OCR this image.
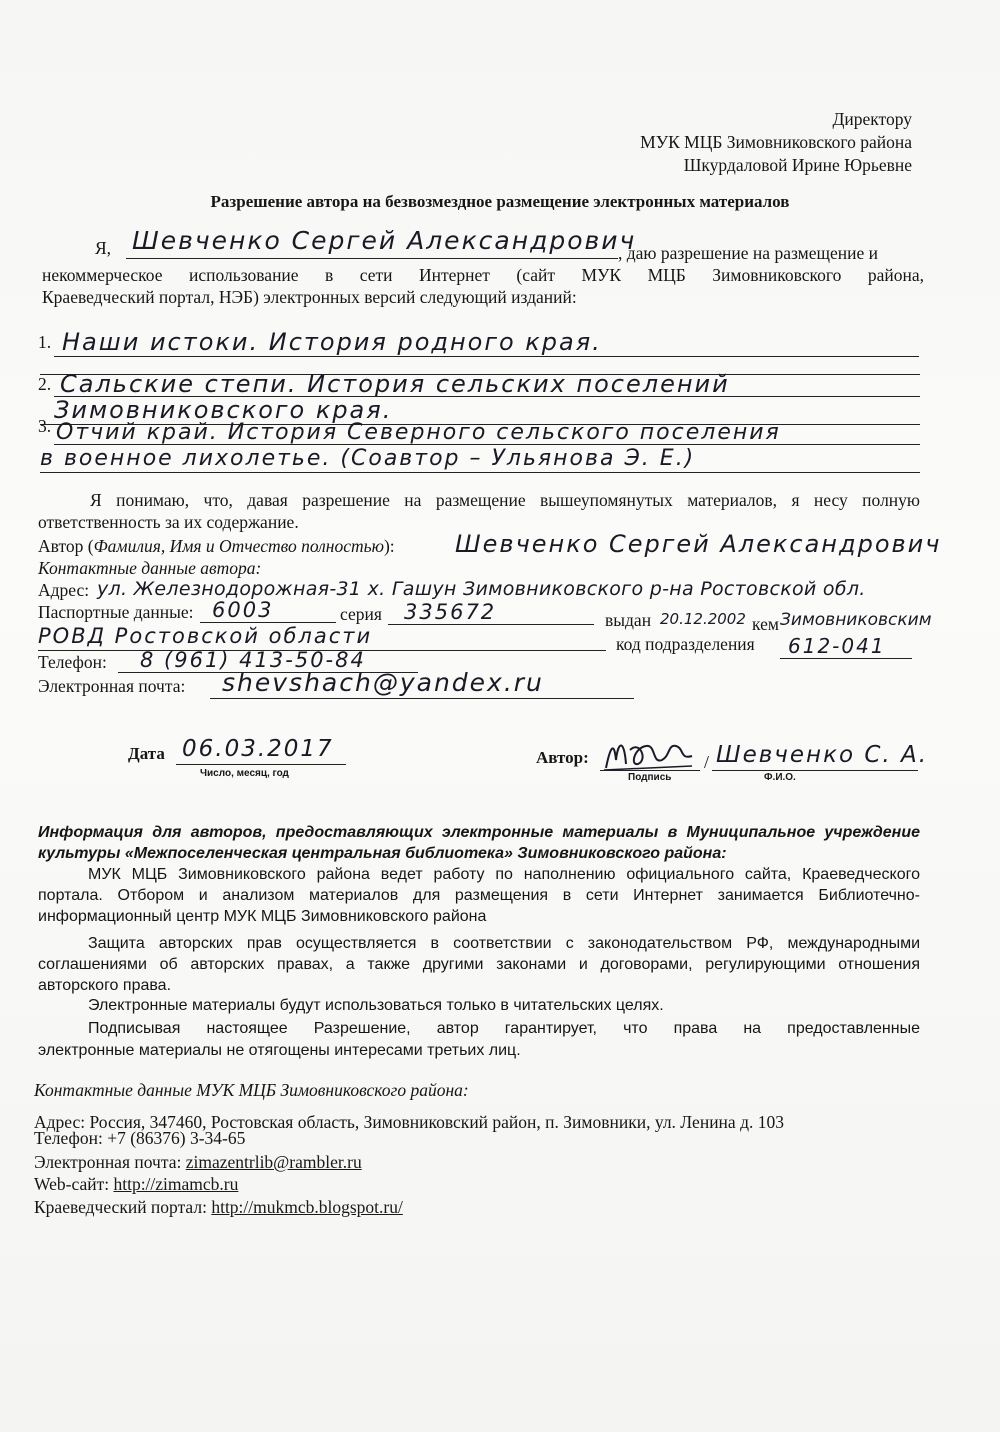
Директору
МУК МЦБ Зимовниковского района
Шкурдаловой Ирине Юрьевне
Разрешение автора на безвозмездное размещение электронных материалов
Я, Шевченко Сергей Александрович
, даю разрешение на размещение и
некоммерческое использование в сети Интернет (сайт МУК МЦБ Зимовниковского района,
Краеведческий портал, НЭБ) электронных версий следующий изданий:
1. Наши истоки. История родного края.
2. Сальские степи. История сельских поселений
Зимовниковского края.
3. Отчий край. История Северного сельского поселения
в военное лихолетье. (Соавтор – Ульянова Э. Е.)
Я понимаю, что, давая разрешение на размещение вышеупомянутых материалов, я несу полную
ответственность за их содержание.
Автор (Фамилия, Имя и Отчество полностью):	Шевченко Сергей Александрович
Контактные данные автора:
Адрес: ул. Железнодорожная-31 х. Гашун Зимовниковского р-на Ростовской обл.
Паспортные данные: 6003	серия 335672	выдан 20.12.2002 кем Зимовниковским
РОВД Ростовской области	код подразделения 612-041
Телефон: 8 (961) 413-50-84
Электронная почта: shevshach@yandex.ru
Дата 06.03.2017
Число, месяц, год
Автор:
Подпись
/ Шевченко С. А.
Ф.И.О.
Информация для авторов, предоставляющих электронные материалы в Муниципальное учреждение
культуры «Межпоселенческая центральная библиотека» Зимовниковского района:
МУК МЦБ Зимовниковского района ведет работу по наполнению официального сайта, Краеведческого
портала. Отбором и анализом материалов для размещения в сети Интернет занимается Библиотечно-
информационный центр МУК МЦБ Зимовниковского района
Защита авторских прав осуществляется в соответствии с законодательством РФ, международными
соглашениями об авторских правах, а также другими законами и договорами, регулирующими отношения
авторского права.
Электронные материалы будут использоваться только в читательских целях.
Подписывая настоящее Разрешение, автор гарантирует, что права на предоставленные
электронные материалы не отягощены интересами третьих лиц.
Контактные данные МУК МЦБ Зимовниковского района:
Адрес: Россия, 347460, Ростовская область, Зимовниковский район, п. Зимовники, ул. Ленина д. 103
Телефон: +7 (86376) 3-34-65
Электронная почта: zimazentrlib@rambler.ru
Web-сайт: http://zimamcb.ru
Краеведческий портал: http://mukmcb.blogspot.ru/
